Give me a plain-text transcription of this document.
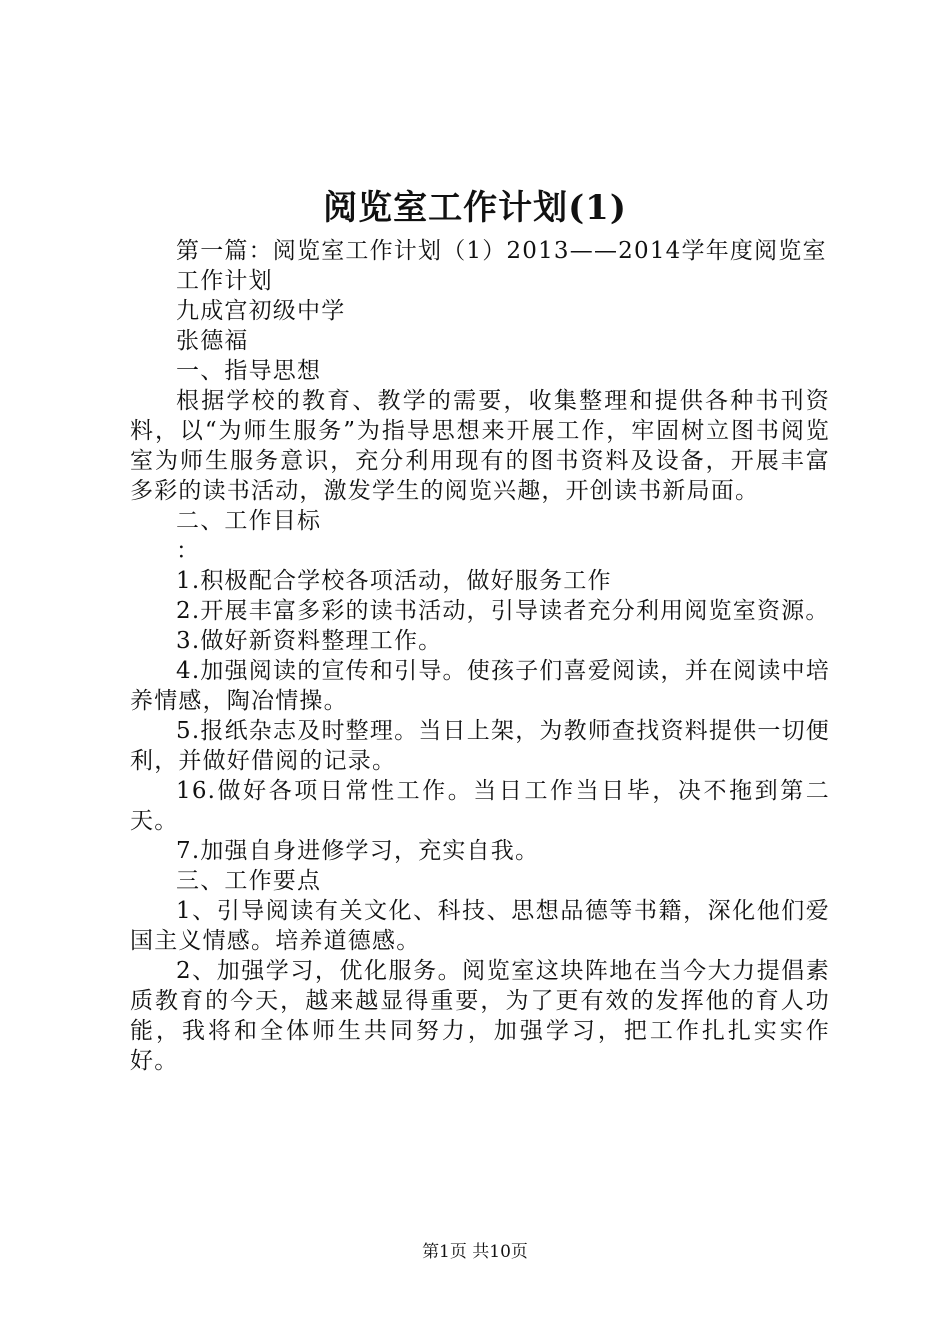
阅览室工作计划(1)

第一篇：阅览室工作计划（1）2013——2014学年度阅览室

工作计划

九成宫初级中学

张德福

一、指导思想

根据学校的教育、教学的需要，收集整理和提供各种书刊资料，以“为师生服务”为指导思想来开展工作，牢固树立图书阅览室为师生服务意识，充分利用现有的图书资料及设备，开展丰富多彩的读书活动，激发学生的阅览兴趣，开创读书新局面。

二、工作目标

：

1.积极配合学校各项活动，做好服务工作

2.开展丰富多彩的读书活动，引导读者充分利用阅览室资源。

3.做好新资料整理工作。

4.加强阅读的宣传和引导。使孩子们喜爱阅读，并在阅读中培养情感，陶冶情操。

5.报纸杂志及时整理。当日上架，为教师查找资料提供一切便利，并做好借阅的记录。

16.做好各项日常性工作。当日工作当日毕，决不拖到第二天。

7.加强自身进修学习，充实自我。

三、工作要点

1、引导阅读有关文化、科技、思想品德等书籍，深化他们爱国主义情感。培养道德感。

2、加强学习，优化服务。阅览室这块阵地在当今大力提倡素质教育的今天，越来越显得重要，为了更有效的发挥他的育人功能，我将和全体师生共同努力，加强学习，把工作扎扎实实作好。

第1页 共10页
